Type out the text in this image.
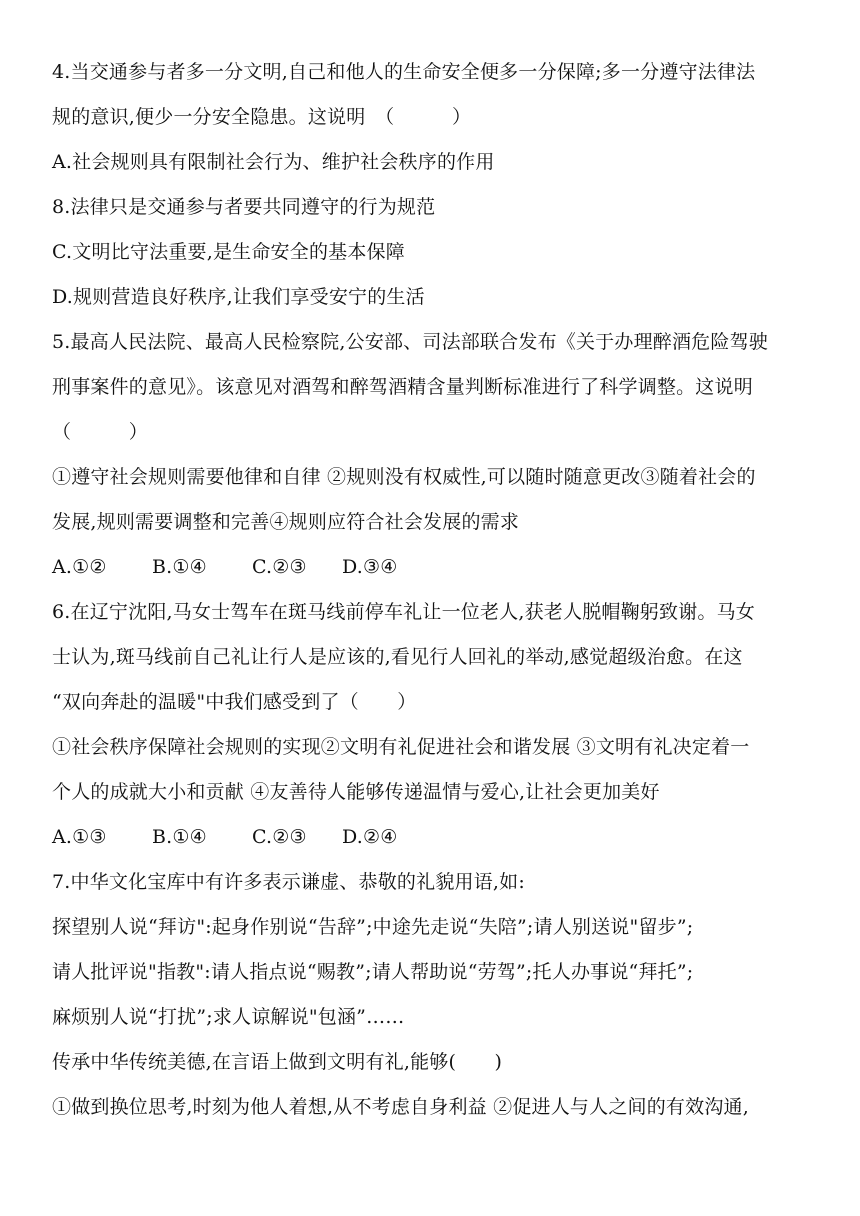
4.当交通参与者多一分文明,自己和他人的生命安全便多一分保障;多一分遵守法律法
规的意识,便少一分安全隐患。这说明　（　　　）
A.社会规则具有限制社会行为、维护社会秩序的作用
8.法律只是交通参与者要共同遵守的行为规范
C.文明比守法重要,是生命安全的基本保障
D.规则营造良好秩序,让我们享受安宁的生活
5.最高人民法院、最高人民检察院,公安部、司法部联合发布《关于办理醉酒危险驾驶
刑事案件的意见》。该意见对酒驾和醉驾酒精含量判断标准进行了科学调整。这说明
（　　　）
①遵守社会规则需要他律和自律 ②规则没有权威性,可以随时随意更改③随着社会的
发展,规则需要调整和完善④规则应符合社会发展的需求
A.①② B.①④ C.②③ D.③④
6.在辽宁沈阳,马女士驾车在斑马线前停车礼让一位老人,获老人脱帽鞠躬致谢。马女
士认为,斑马线前自己礼让行人是应该的,看见行人回礼的举动,感觉超级治愈。在这
“双向奔赴的温暖"中我们感受到了（　　）
①社会秩序保障社会规则的实现②文明有礼促进社会和谐发展 ③文明有礼决定着一
个人的成就大小和贡献 ④友善待人能够传递温情与爱心,让社会更加美好
A.①③ B.①④ C.②③ D.②④
7.中华文化宝库中有许多表示谦虚、恭敬的礼貌用语,如:
探望别人说“拜访":起身作别说“告辞”;中途先走说“失陪”;请人别送说"留步”;
请人批评说"指教":请人指点说“赐教”;请人帮助说“劳驾”;托人办事说“拜托”;
麻烦别人说“打扰”;求人谅解说"包涵”……
传承中华传统美德,在言语上做到文明有礼,能够(　　)
①做到换位思考,时刻为他人着想,从不考虑自身利益 ②促进人与人之间的有效沟通,
